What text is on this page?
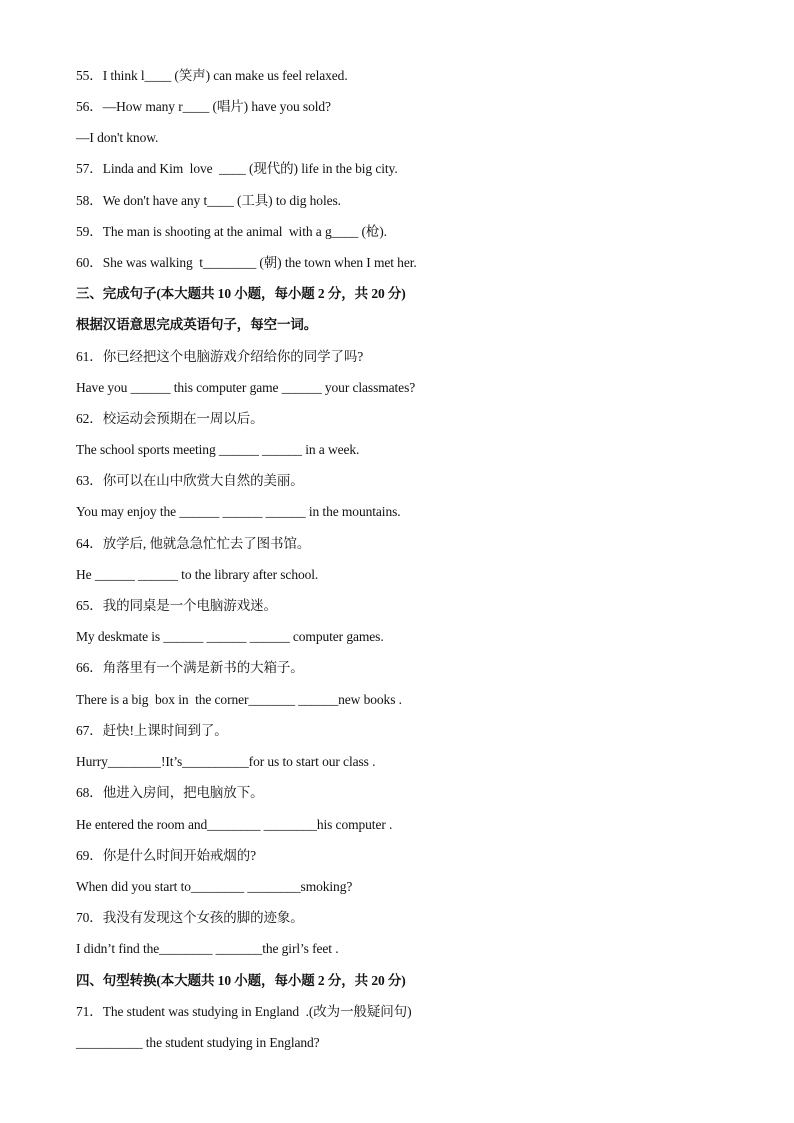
55．I think l____ (笑声) can make us feel relaxed.
56．—How many r____ (唱片) have you sold?
—I don't know.
57．Linda and Kim  love  ____ (现代的) life in the big city.
58．We don't have any t____ (工具) to dig holes.
59．The man is shooting at the animal  with a g____ (枪).
60．She was walking  t________ (朝) the town when I met her.
三、完成句子(本大题共 10 小题，每小题 2 分，共 20 分)
根据汉语意思完成英语句子，每空一词。
61．你已经把这个电脑游戏介绍给你的同学了吗?
Have you ______ this computer game ______ your classmates?
62．校运动会预期在一周以后。
The school sports meeting ______ ______ in a week.
63．你可以在山中欣赏大自然的美丽。
You may enjoy the ______ ______ ______ in the mountains.
64．放学后, 他就急急忙忙去了图书馆。
He ______ ______ to the library after school.
65．我的同桌是一个电脑游戏迷。
My deskmate is ______ ______ ______ computer games.
66．角落里有一个满是新书的大箱子。
There is a big  box in  the corner_______ ______new books .
67．赶快!上课时间到了。
Hurry________!It’s__________for us to start our class .
68．他进入房间，把电脑放下。
He entered the room and________ ________his computer .
69．你是什么时间开始戒烟的?
When did you start to________ ________smoking?
70．我没有发现这个女孩的脚的迹象。
I didn’t find the________ _______the girl’s feet .
四、句型转换(本大题共 10 小题，每小题 2 分，共 20 分)
71．The student was studying in England  .(改为一般疑问句)
__________ the student studying in England?
